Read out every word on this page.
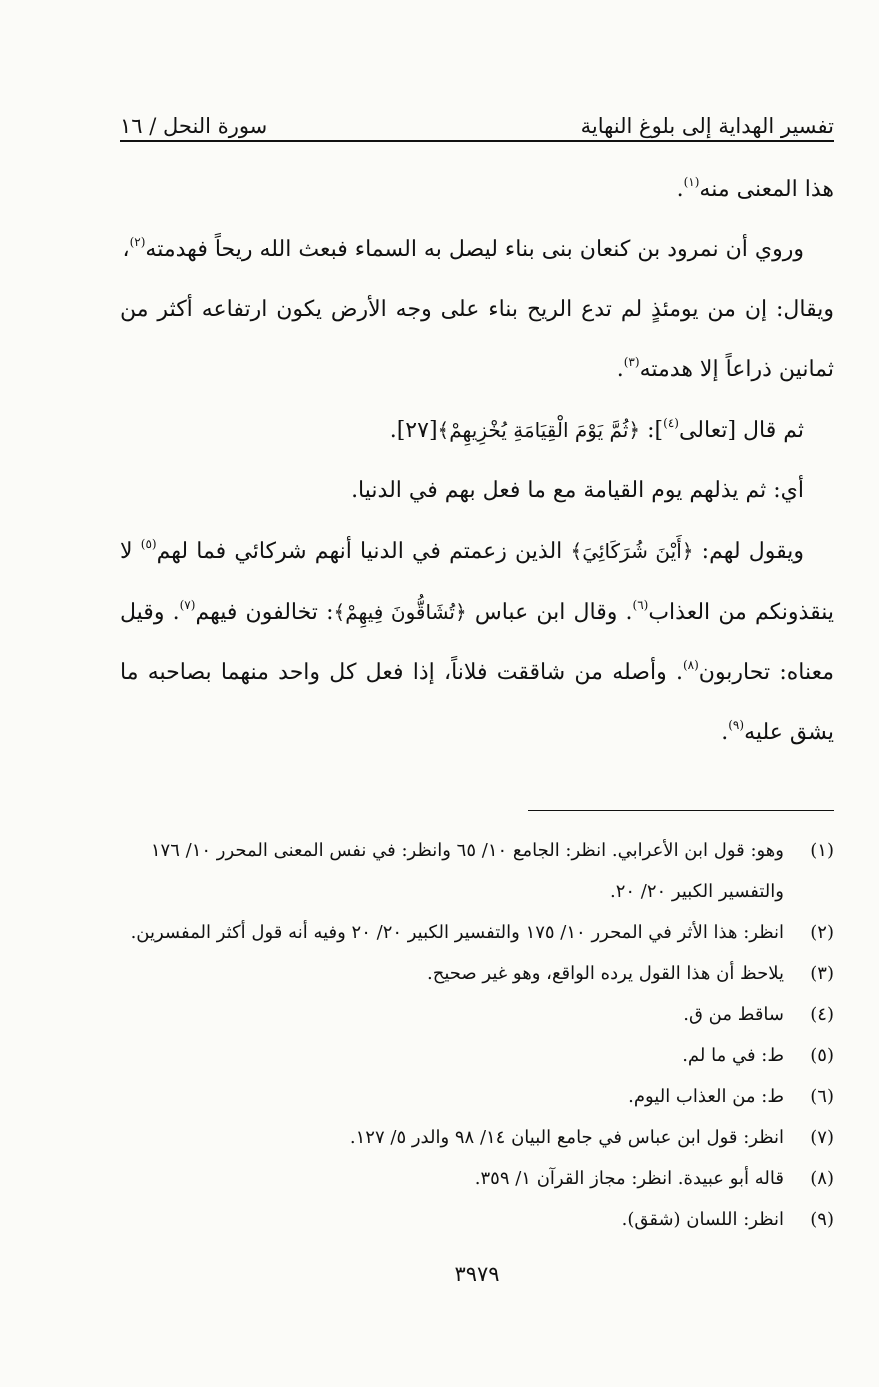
تفسير الهداية إلى بلوغ النهاية
سورة النحل / ١٦

هذا المعنى منه$^{(١)}$.

وروي أن نمرود بن كنعان بنى بناء ليصل به السماء فبعث الله ريحاً فهدمته$^{(٢)}$،

ويقال: إن من يومئذٍ لم تدع الريح بناء على وجه الأرض يكون ارتفاعه أكثر من ثمانين ذراعاً إلا هدمته$^{(٣)}$.

ثم قال [تعالى$^{(٤)}$]: ﴿ثُمَّ يَوْمَ الْقِيَامَةِ يُخْزِيهِمْ﴾[٢٧].

أي: ثم يذلهم يوم القيامة مع ما فعل بهم في الدنيا.

ويقول لهم: ﴿أَيْنَ شُرَكَائِيَ﴾ الذين زعمتم في الدنيا أنهم شركائي فما لهم$^{(٥)}$ لا ينقذونكم من العذاب$^{(٦)}$. وقال ابن عباس ﴿تُشَاقُّونَ فِيهِمْ﴾: تخالفون فيهم$^{(٧)}$. وقيل معناه: تحاربون$^{(٨)}$. وأصله من شاققت فلاناً، إذا فعل كل واحد منهما بصاحبه ما يشق عليه$^{(٩)}$.

(١)
وهو: قول ابن الأعرابي. انظر: الجامع ١٠/ ٦٥ وانظر: في نفس المعنى المحرر ١٠/ ١٧٦ والتفسير الكبير ٢٠/ ٢٠.
(٢)
انظر: هذا الأثر في المحرر ١٠/ ١٧٥ والتفسير الكبير ٢٠/ ٢٠ وفيه أنه قول أكثر المفسرين.
(٣)
يلاحظ أن هذا القول يرده الواقع، وهو غير صحيح.
(٤)
ساقط من ق.
(٥)
ط: في ما لم.
(٦)
ط: من العذاب اليوم.
(٧)
انظر: قول ابن عباس في جامع البيان ١٤/ ٩٨ والدر ٥/ ١٢٧.
(٨)
قاله أبو عبيدة. انظر: مجاز القرآن ١/ ٣٥٩.
(٩)
انظر: اللسان (شقق).
٣٩٧٩
